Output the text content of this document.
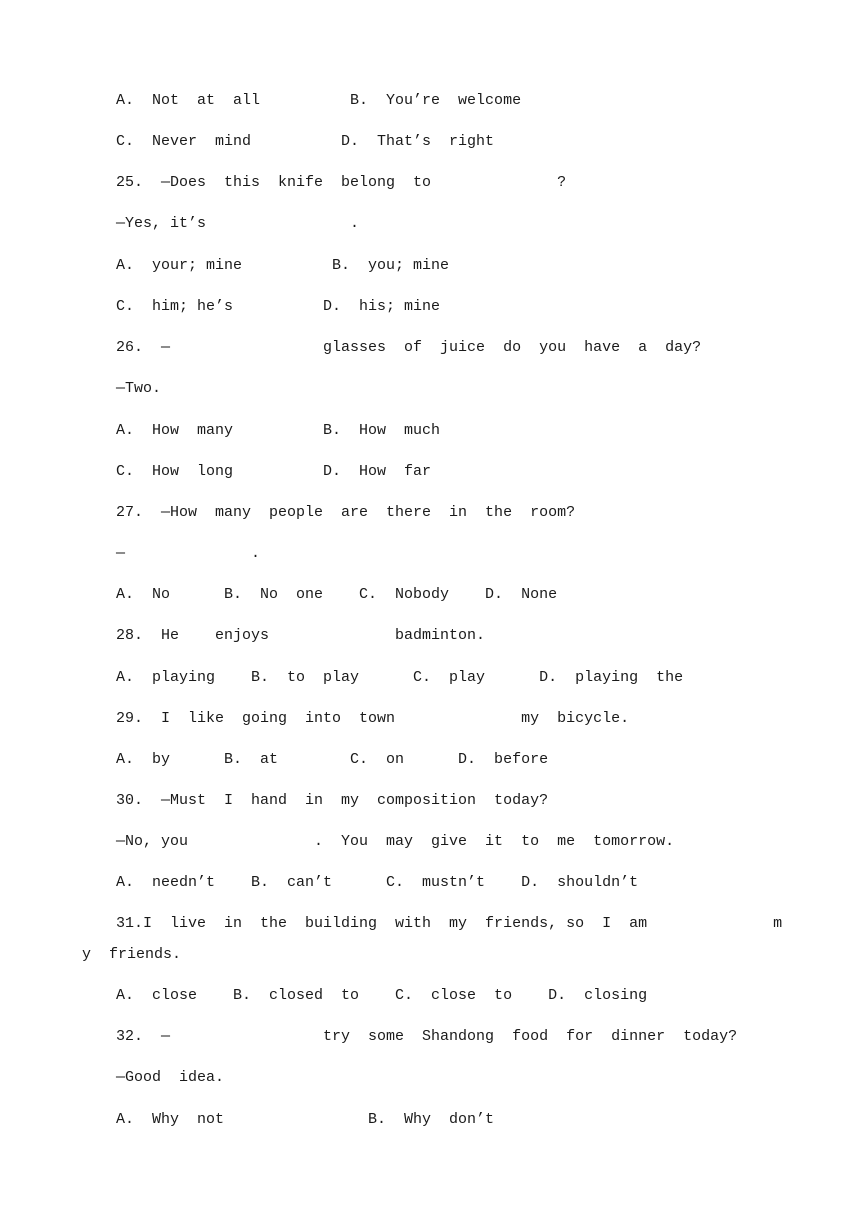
A.  Not  at  all          B.  You’re  welcome
C.  Never  mind          D.  That’s  right
25.  —Does  this  knife  belong  to              ?
—Yes, it’s                .
A.  your; mine          B.  you; mine
C.  him; he’s          D.  his; mine
26.  —                 glasses  of  juice  do  you  have  a  day?
—Two.
A.  How  many          B.  How  much
C.  How  long          D.  How  far
27.  —How  many  people  are  there  in  the  room?
—              .
A.  No      B.  No  one    C.  Nobody    D.  None
28.  He    enjoys              badminton.
A.  playing    B.  to  play      C.  play      D.  playing  the
29.  I  like  going  into  town              my  bicycle.
A.  by      B.  at        C.  on      D.  before
30.  —Must  I  hand  in  my  composition  today?
—No, you              .  You  may  give  it  to  me  tomorrow.
A.  needn’t    B.  can’t      C.  mustn’t    D.  shouldn’t
31.I  live  in  the  building  with  my  friends, so  I  am              m
y  friends.
A.  close    B.  closed  to    C.  close  to    D.  closing
32.  —                 try  some  Shandong  food  for  dinner  today?
—Good  idea.
A.  Why  not                B.  Why  don’t
